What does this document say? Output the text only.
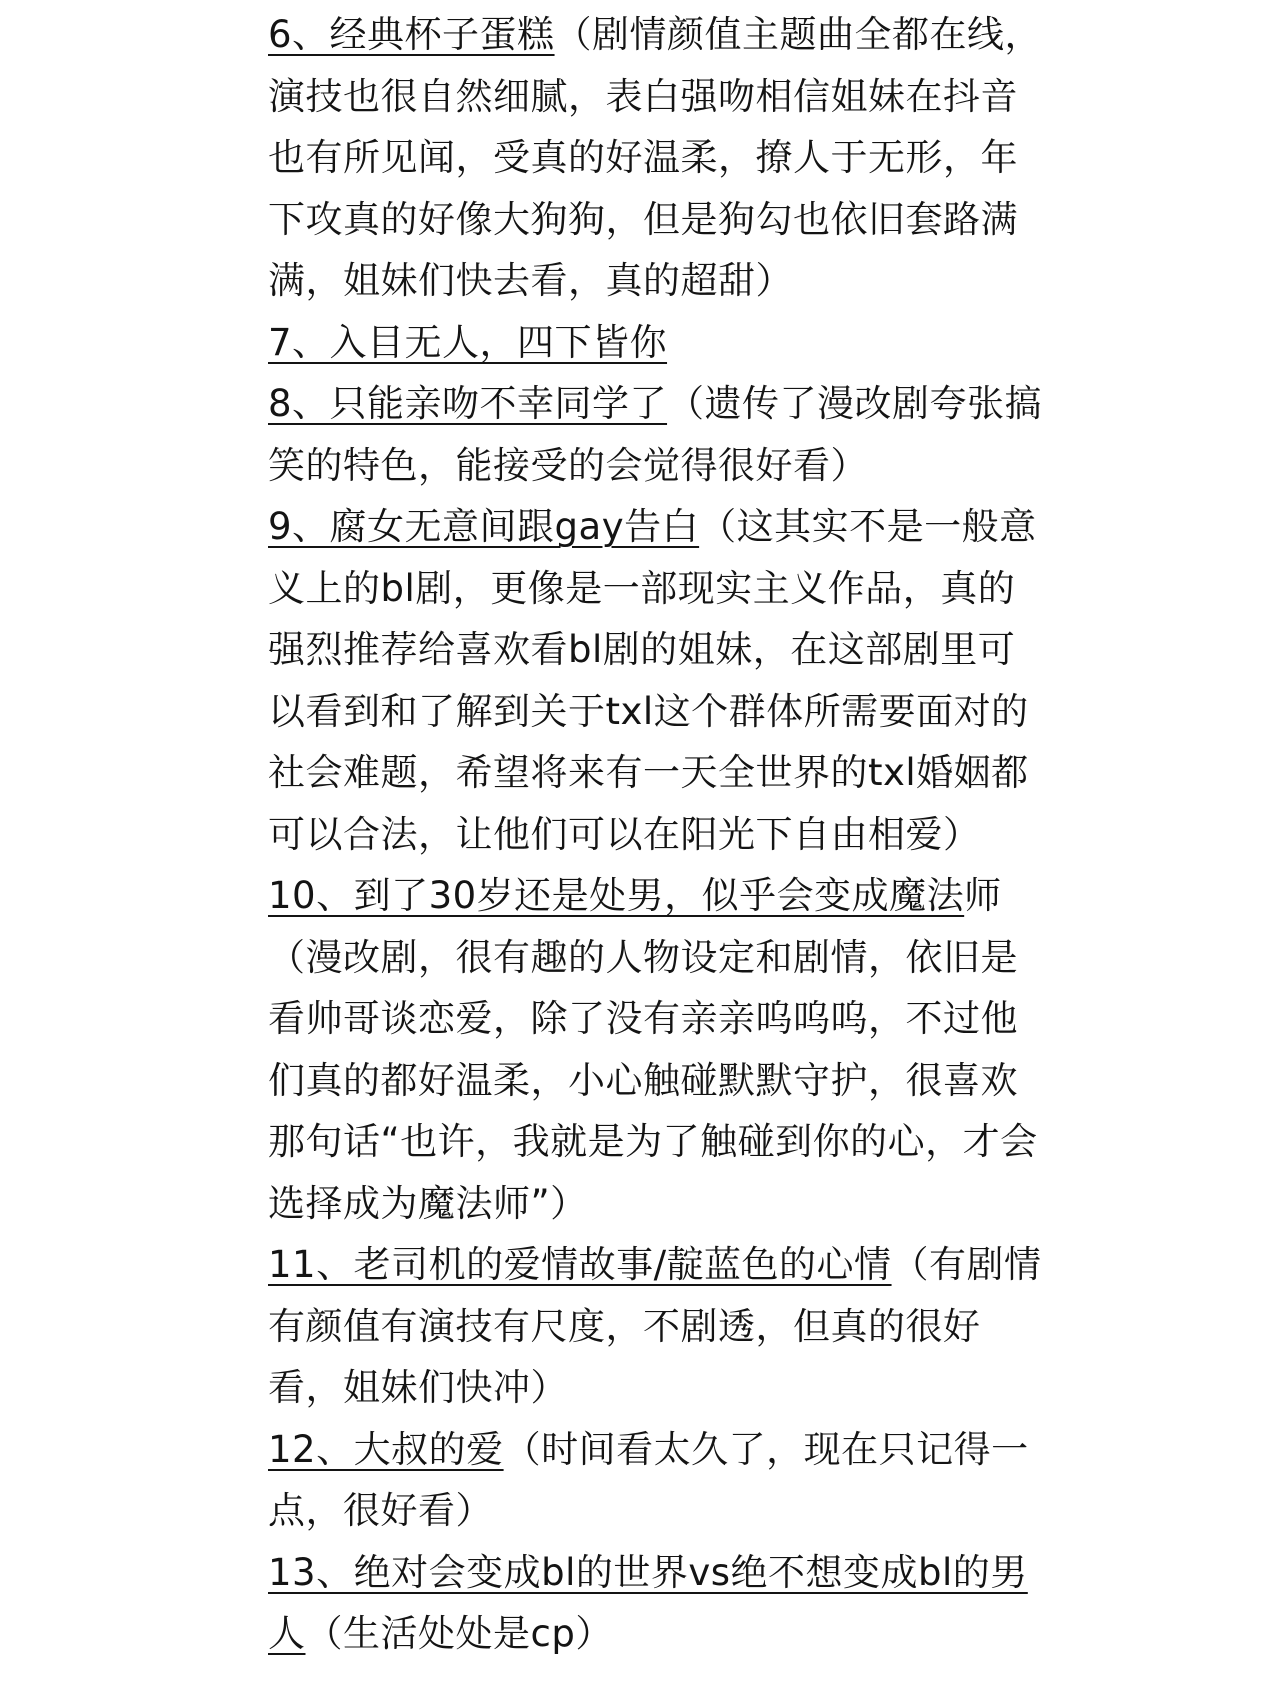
6、经典杯子蛋糕（剧情颜值主题曲全都在线，演技也很自然细腻，表白强吻相信姐妹在抖音也有所见闻，受真的好温柔，撩人于无形，年下攻真的好像大狗狗，但是狗勾也依旧套路满满，姐妹们快去看，真的超甜）

7、入目无人，四下皆你

8、只能亲吻不幸同学了（遗传了漫改剧夸张搞笑的特色，能接受的会觉得很好看）

9、腐女无意间跟gay告白（这其实不是一般意义上的bl剧，更像是一部现实主义作品，真的强烈推荐给喜欢看bl剧的姐妹，在这部剧里可以看到和了解到关于txl这个群体所需要面对的社会难题，希望将来有一天全世界的txl婚姻都可以合法，让他们可以在阳光下自由相爱）

10、到了30岁还是处男，似乎会变成魔法师（漫改剧，很有趣的人物设定和剧情，依旧是看帅哥谈恋爱，除了没有亲亲呜呜呜，不过他们真的都好温柔，小心触碰默默守护，很喜欢那句话“也许，我就是为了触碰到你的心，才会选择成为魔法师”）

11、老司机的爱情故事/靛蓝色的心情（有剧情有颜值有演技有尺度，不剧透，但真的很好看，姐妹们快冲）

12、大叔的爱（时间看太久了，现在只记得一点，很好看）

13、绝对会变成bl的世界vs绝不想变成bl的男人（生活处处是cp）
